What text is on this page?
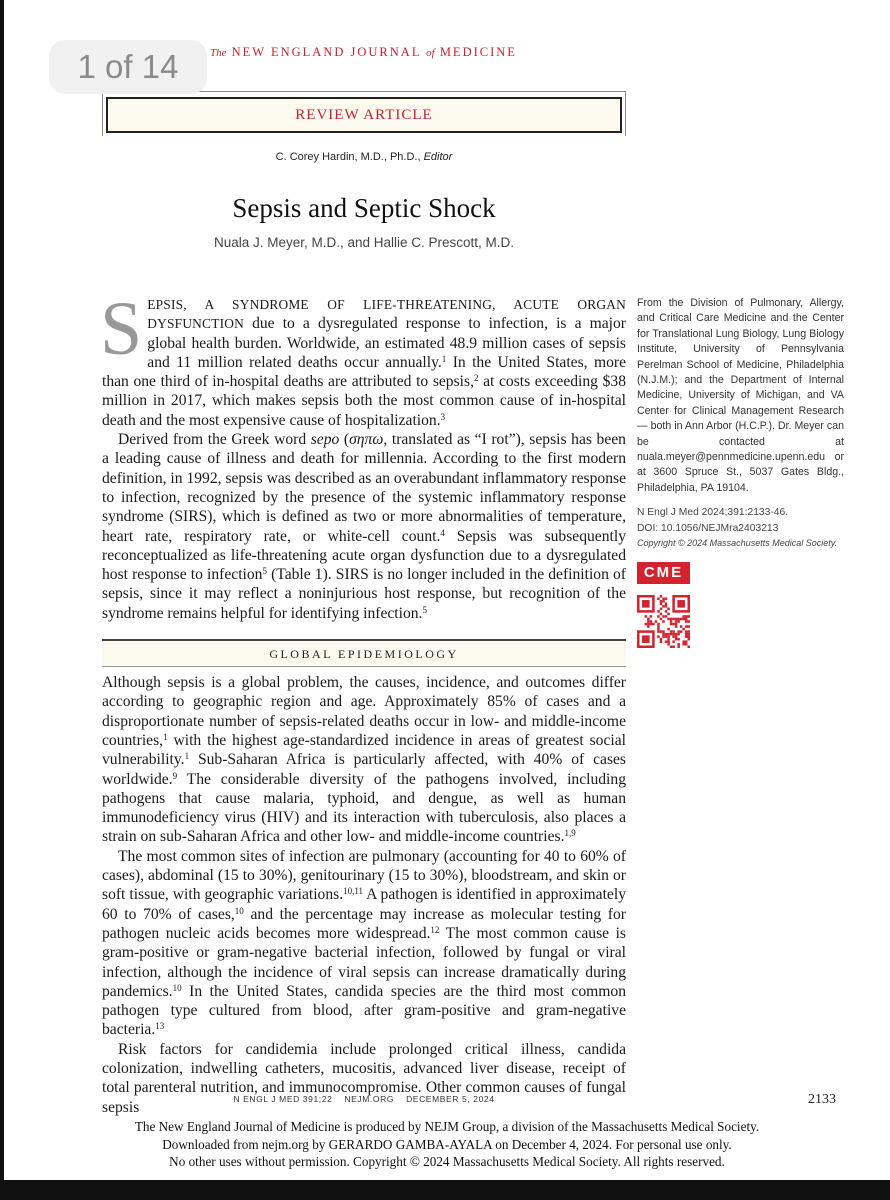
The NEW ENGLAND JOURNAL of MEDICINE
REVIEW ARTICLE
C. Corey Hardin, M.D., Ph.D., Editor
Sepsis and Septic Shock
Nuala J. Meyer, M.D., and Hallie C. Prescott, M.D.

SEPSIS, A SYNDROME OF LIFE-THREATENING, ACUTE ORGAN DYSFUNCTION due to a dysregulated response to infection, is a major global health burden. Worldwide, an estimated 48.9 million cases of sepsis and 11 million related deaths occur annually.$^1$ In the United States, more than one third of in-hospital deaths are attributed to sepsis,$^2$ at costs exceeding $38 million in 2017, which makes sepsis both the most common cause of in-hospital death and the most expensive cause of hospitalization.$^3$

Derived from the Greek word sepo (σηπω, translated as “I rot”), sepsis has been a leading cause of illness and death for millennia. According to the first modern definition, in 1992, sepsis was described as an overabundant inflammatory response to infection, recognized by the presence of the systemic inflammatory response syndrome (SIRS), which is defined as two or more abnormalities of temperature, heart rate, respiratory rate, or white-cell count.$^4$ Sepsis was subsequently reconceptualized as life-threatening acute organ dysfunction due to a dysregulated host response to infection$^5$ (Table 1). SIRS is no longer included in the definition of sepsis, since it may reflect a noninjurious host response, but recognition of the syndrome remains helpful for identifying infection.$^5$

GLOBAL EPIDEMIOLOGY

Although sepsis is a global problem, the causes, incidence, and outcomes differ according to geographic region and age. Approximately 85% of cases and a disproportionate number of sepsis-related deaths occur in low- and middle-income countries,$^1$ with the highest age-standardized incidence in areas of greatest social vulnerability.$^1$ Sub-Saharan Africa is particularly affected, with 40% of cases worldwide.$^9$ The considerable diversity of the pathogens involved, including pathogens that cause malaria, typhoid, and dengue, as well as human immunodeficiency virus (HIV) and its interaction with tuberculosis, also places a strain on sub-Saharan Africa and other low- and middle-income countries.$^{1,9}$

The most common sites of infection are pulmonary (accounting for 40 to 60% of cases), abdominal (15 to 30%), genitourinary (15 to 30%), bloodstream, and skin or soft tissue, with geographic variations.$^{10,11}$ A pathogen is identified in approximately 60 to 70% of cases,$^{10}$ and the percentage may increase as molecular testing for pathogen nucleic acids becomes more widespread.$^{12}$ The most common cause is gram-positive or gram-negative bacterial infection, followed by fungal or viral infection, although the incidence of viral sepsis can increase dramatically during pandemics.$^{10}$ In the United States, candida species are the third most common pathogen type cultured from blood, after gram-positive and gram-negative bacteria.$^{13}$

Risk factors for candidemia include prolonged critical illness, candida colonization, indwelling catheters, mucositis, advanced liver disease, receipt of total parenteral nutrition, and immunocompromise. Other common causes of fungal sepsis

From the Division of Pulmonary, Allergy, and Critical Care Medicine and the Center for Translational Lung Biology, Lung Biology Institute, University of Pennsylvania Perelman School of Medicine, Philadelphia (N.J.M.); and the Department of Internal Medicine, University of Michigan, and VA Center for Clinical Management Research — both in Ann Arbor (H.C.P.). Dr. Meyer can be contacted at nuala.meyer@pennmedicine.upenn.edu or at 3600 Spruce St., 5037 Gates Bldg., Philadelphia, PA 19104.
N Engl J Med 2024;391:2133-46.
DOI: 10.1056/NEJMra2403213
Copyright © 2024 Massachusetts Medical Society.
CME
N ENGL J MED 391;22 NEJM.ORG DECEMBER 5, 2024	2133
The New England Journal of Medicine is produced by NEJM Group, a division of the Massachusetts Medical Society.
Downloaded from nejm.org by GERARDO GAMBA-AYALA on December 4, 2024. For personal use only.
No other uses without permission. Copyright © 2024 Massachusetts Medical Society. All rights reserved.
1 of 14
